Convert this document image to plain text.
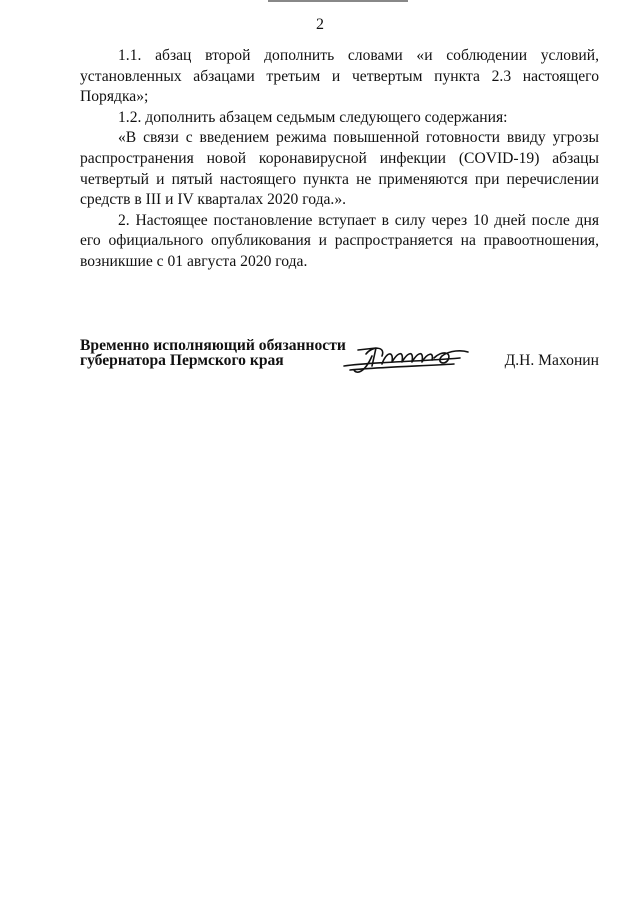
2

1.1. абзац второй дополнить словами «и соблюдении условий, установленных абзацами третьим и четвертым пункта 2.3 настоящего Порядка»;

1.2. дополнить абзацем седьмым следующего содержания:

«В связи с введением режима повышенной готовности ввиду угрозы распространения новой коронавирусной инфекции (COVID-19) абзацы четвертый и пятый настоящего пункта не применяются при перечислении средств в III и IV кварталах 2020 года.».

2. Настоящее постановление вступает в силу через 10 дней после дня его официального опубликования и распространяется на правоотношения, возникшие с 01 августа 2020 года.

Временно исполняющий обязанности
губернатора Пермского края	Д.Н. Махонин
